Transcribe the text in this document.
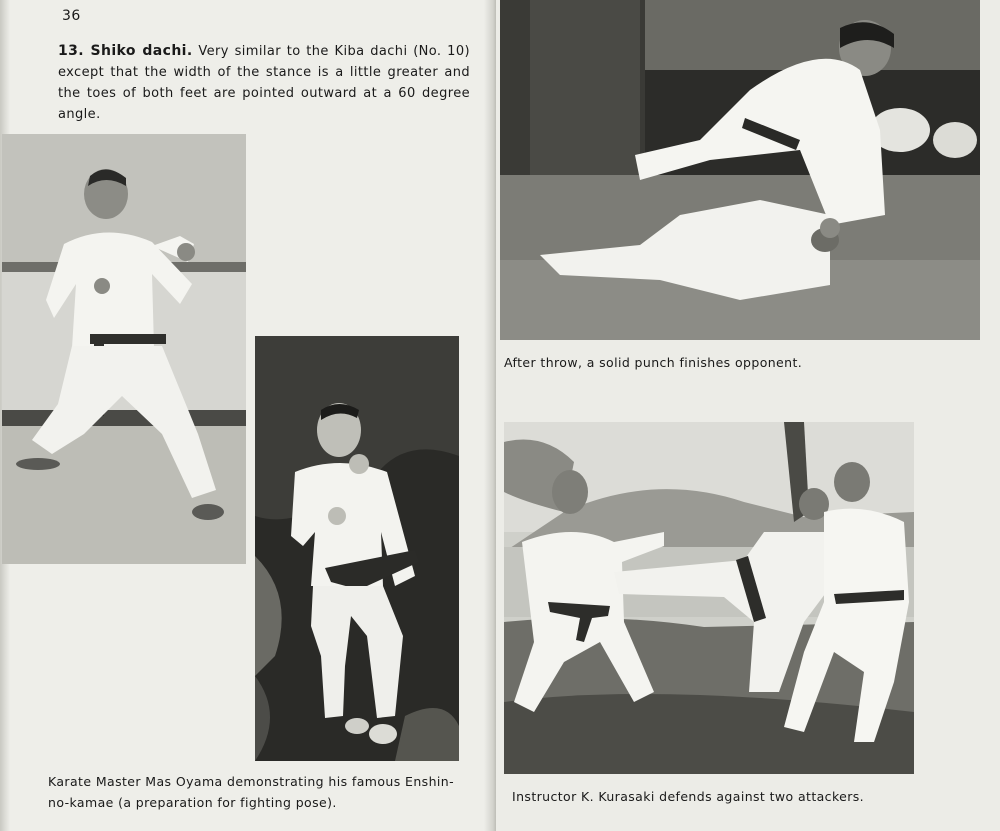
36
13. Shiko dachi. Very similar to the Kiba dachi (No. 10) except that the width of the stance is a little greater and the toes of both feet are pointed outward at a 60 degree angle.
Karate Master Mas Oyama demonstrating his famous Enshin-no-kamae (a preparation for fighting pose).
After throw, a solid punch finishes opponent.
Instructor K. Kurasaki defends against two attackers.
